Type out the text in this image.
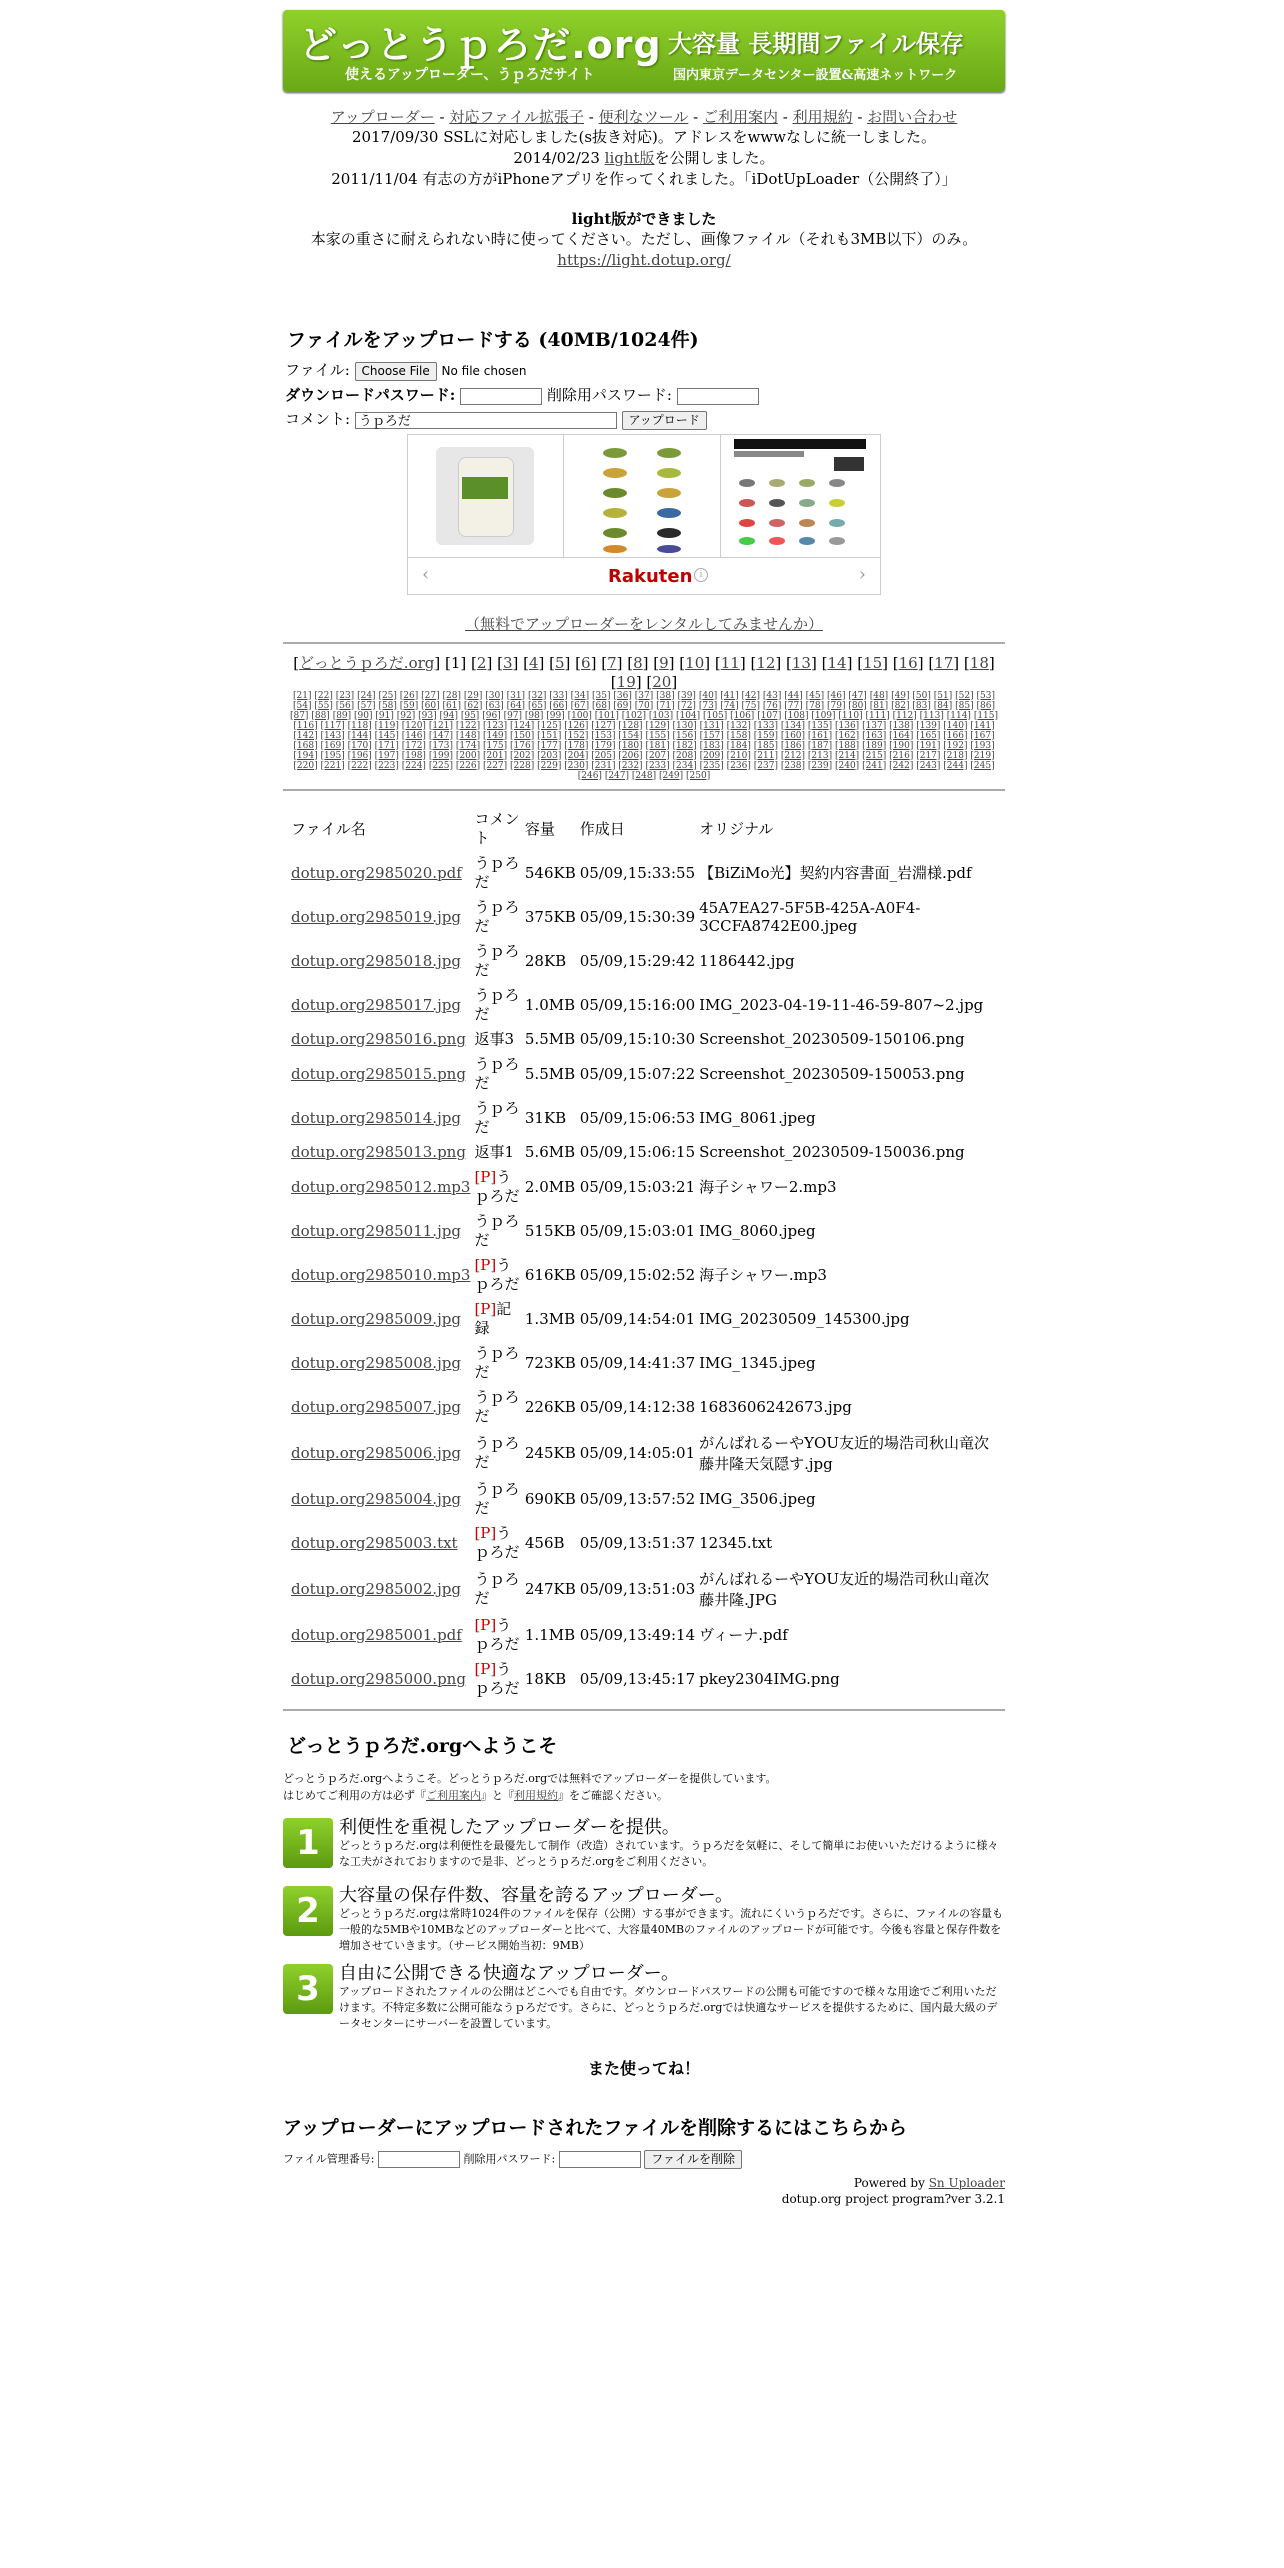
どっとうｐろだ.org
使えるアップローダー、うｐろだサイト
大容量 長期間ファイル保存
国内東京データセンター設置&高速ネットワーク
アップローダー - 対応ファイル拡張子 - 便利なツール - ご利用案内 - 利用規約 - お問い合わせ
2017/09/30 SSLに対応しました(s抜き対応)。アドレスをwwwなしに統一しました。
2014/02/23 light版を公開しました。
2011/11/04 有志の方がiPhoneアプリを作ってくれました。「iDotUpLoader（公開終了）」
light版ができました
本家の重さに耐えられない時に使ってください。ただし、画像ファイル（それも3MB以下）のみ。
https://light.dotup.org/
ファイルをアップロードする (40MB/1024件)
ファイル: Choose File No file chosen
ダウンロードパスワード:	削除用パスワード:
コメント: うｐろだ	アップロード
‹	Rakuten i	›
（無料でアップローダーをレンタルしてみませんか）
[どっとうｐろだ.org] [1] [2] [3] [4] [5] [6] [7] [8] [9] [10] [11] [12] [13] [14] [15] [16] [17] [18] [19] [20]
[21] [22] [23] [24] [25] [26] [27] [28] [29] [30] [31] [32] [33] [34] [35] [36] [37] [38] [39] [40] [41] [42] [43] [44] [45] [46] [47] [48] [49] [50] [51] [52] [53] [54] [55] [56] [57] [58] [59] [60] [61] [62] [63] [64] [65] [66] [67] [68] [69] [70] [71] [72] [73] [74] [75] [76] [77] [78] [79] [80] [81] [82] [83] [84] [85] [86] [87] [88] [89] [90] [91] [92] [93] [94] [95] [96] [97] [98] [99] [100] [101] [102] [103] [104] [105] [106] [107] [108] [109] [110] [111] [112] [113] [114] [115] [116] [117] [118] [119] [120] [121] [122] [123] [124] [125] [126] [127] [128] [129] [130] [131] [132] [133] [134] [135] [136] [137] [138] [139] [140] [141] [142] [143] [144] [145] [146] [147] [148] [149] [150] [151] [152] [153] [154] [155] [156] [157] [158] [159] [160] [161] [162] [163] [164] [165] [166] [167] [168] [169] [170] [171] [172] [173] [174] [175] [176] [177] [178] [179] [180] [181] [182] [183] [184] [185] [186] [187] [188] [189] [190] [191] [192] [193] [194] [195] [196] [197] [198] [199] [200] [201] [202] [203] [204] [205] [206] [207] [208] [209] [210] [211] [212] [213] [214] [215] [216] [217] [218] [219] [220] [221] [222] [223] [224] [225] [226] [227] [228] [229] [230] [231] [232] [233] [234] [235] [236] [237] [238] [239] [240] [241] [242] [243] [244] [245] [246] [247] [248] [249] [250]
ファイル名	コメント	容量	作成日	オリジナル
dotup.org2985020.pdf	うｐろだ	546KB	05/09,15:33:55	【BiZiMo光】契約内容書面_岩淵様.pdf
dotup.org2985019.jpg	うｐろだ	375KB	05/09,15:30:39	45A7EA27-5F5B-425A-A0F4-3CCFA8742E00.jpeg
dotup.org2985018.jpg	うｐろだ	28KB	05/09,15:29:42	1186442.jpg
dotup.org2985017.jpg	うｐろだ	1.0MB	05/09,15:16:00	IMG_2023-04-19-11-46-59-807~2.jpg
dotup.org2985016.png	返事3	5.5MB	05/09,15:10:30	Screenshot_20230509-150106.png
dotup.org2985015.png	うｐろだ	5.5MB	05/09,15:07:22	Screenshot_20230509-150053.png
dotup.org2985014.jpg	うｐろだ	31KB	05/09,15:06:53	IMG_8061.jpeg
dotup.org2985013.png	返事1	5.6MB	05/09,15:06:15	Screenshot_20230509-150036.png
dotup.org2985012.mp3	[P]うｐろだ	2.0MB	05/09,15:03:21	海子シャワー2.mp3
dotup.org2985011.jpg	うｐろだ	515KB	05/09,15:03:01	IMG_8060.jpeg
dotup.org2985010.mp3	[P]うｐろだ	616KB	05/09,15:02:52	海子シャワー.mp3
dotup.org2985009.jpg	[P]記録	1.3MB	05/09,14:54:01	IMG_20230509_145300.jpg
dotup.org2985008.jpg	うｐろだ	723KB	05/09,14:41:37	IMG_1345.jpeg
dotup.org2985007.jpg	うｐろだ	226KB	05/09,14:12:38	1683606242673.jpg
dotup.org2985006.jpg	うｐろだ	245KB	05/09,14:05:01	がんばれるーやYOU友近的場浩司秋山竜次藤井隆天気隠す.jpg
dotup.org2985004.jpg	うｐろだ	690KB	05/09,13:57:52	IMG_3506.jpeg
dotup.org2985003.txt	[P]うｐろだ	456B	05/09,13:51:37	12345.txt
dotup.org2985002.jpg	うｐろだ	247KB	05/09,13:51:03	がんばれるーやYOU友近的場浩司秋山竜次藤井隆.JPG
dotup.org2985001.pdf	[P]うｐろだ	1.1MB	05/09,13:49:14	ヴィーナ.pdf
dotup.org2985000.png	[P]うｐろだ	18KB	05/09,13:45:17	pkey2304IMG.png
どっとうｐろだ.orgへようこそ
どっとうｐろだ.orgへようこそ。どっとうｐろだ.orgでは無料でアップローダーを提供しています。
はじめてご利用の方は必ず『ご利用案内』と『利用規約』をご確認ください。
1	利便性を重視したアップローダーを提供。
どっとうｐろだ.orgは利便性を最優先して制作（改造）されています。うｐろだを気軽に、そして簡単にお使いいただけるように様々な工夫がされておりますので是非、どっとうｐろだ.orgをご利用ください。
2	大容量の保存件数、容量を誇るアップローダー。
どっとうｐろだ.orgは常時1024件のファイルを保存（公開）する事ができます。流れにくいうｐろだです。さらに、ファイルの容量も一般的な5MBや10MBなどのアップローダーと比べて、大容量40MBのファイルのアップロードが可能です。今後も容量と保存件数を増加させていきます。（サービス開始当初：9MB）
3	自由に公開できる快適なアップローダー。
アップロードされたファイルの公開はどこへでも自由です。ダウンロードパスワードの公開も可能ですので様々な用途でご利用いただけます。不特定多数に公開可能なうｐろだです。さらに、どっとうｐろだ.orgでは快適なサービスを提供するために、国内最大級のデータセンターにサーバーを設置しています。
また使ってね！
アップローダーにアップロードされたファイルを削除するにはこちらから
ファイル管理番号:	削除用パスワード:	ファイルを削除
Powered by Sn Uploader
dotup.org project program?ver 3.2.1
